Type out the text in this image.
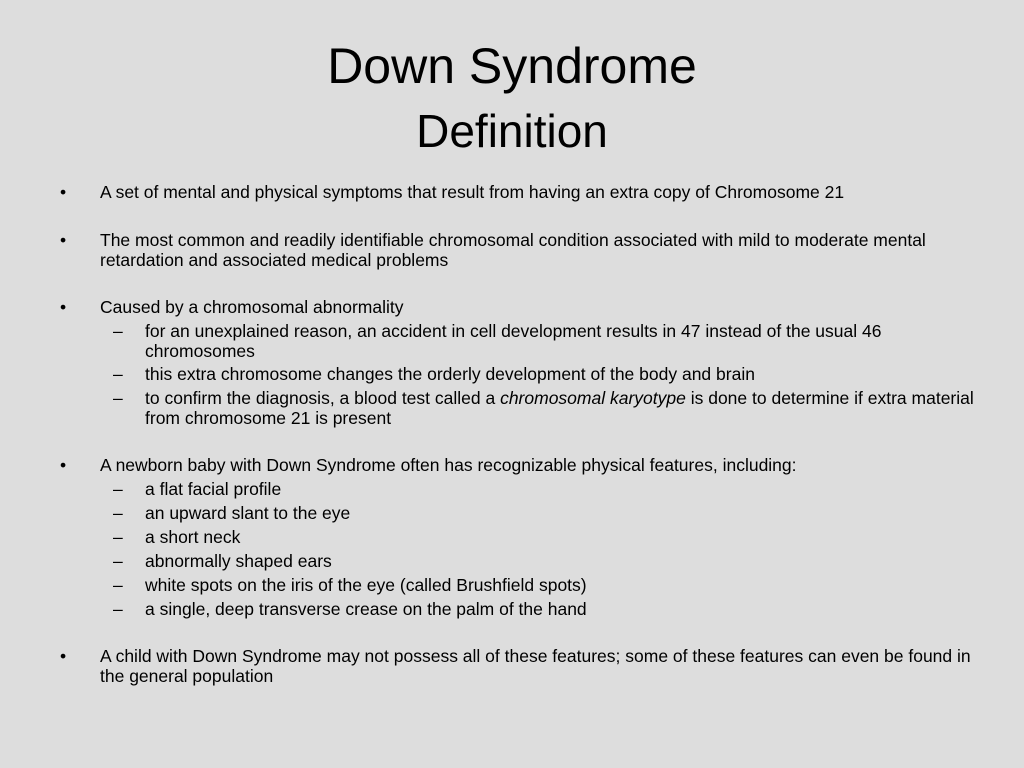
Down Syndrome
Definition
•	A set of mental and physical symptoms that result from having an extra copy of Chromosome 21
•	The most common and readily identifiable chromosomal condition associated with mild to moderate mental retardation and associated medical problems
•	Caused by a chromosomal abnormality
–	for an unexplained reason, an accident in cell development results in 47 instead of the usual 46 chromosomes
–	this extra chromosome changes the orderly development of the body and brain
–	to confirm the diagnosis, a blood test called a chromosomal karyotype is done to determine if extra material from chromosome 21 is present
•	A newborn baby with Down Syndrome often has recognizable physical features, including:
–	a flat facial profile
–	an upward slant to the eye
–	a short neck
–	abnormally shaped ears
–	white spots on the iris of the eye (called Brushfield spots)
–	a single, deep transverse crease on the palm of the hand
•	A child with Down Syndrome may not possess all of these features; some of these features can even be found in the general population
